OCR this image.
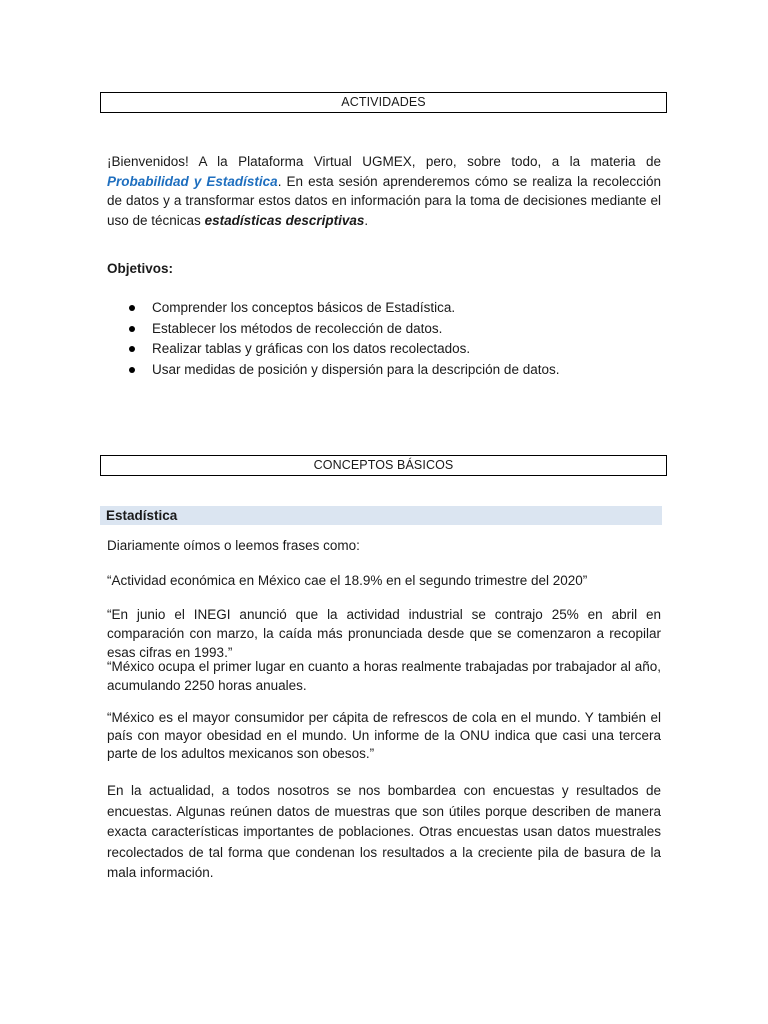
ACTIVIDADES

¡Bienvenidos! A la Plataforma Virtual UGMEX, pero, sobre todo, a la materia de Probabilidad y Estadística. En esta sesión aprenderemos cómo se realiza la recolección de datos y a transformar estos datos en información para la toma de decisiones mediante el uso de técnicas estadísticas descriptivas.

Objetivos:
Comprender los conceptos básicos de Estadística.
Establecer los métodos de recolección de datos.
Realizar tablas y gráficas con los datos recolectados.
Usar medidas de posición y dispersión para la descripción de datos.
CONCEPTOS BÁSICOS
Estadística

Diariamente oímos o leemos frases como:

“Actividad económica en México cae el 18.9% en el segundo trimestre del 2020”

“En junio el INEGI anunció que la actividad industrial se contrajo 25% en abril en comparación con marzo, la caída más pronunciada desde que se comenzaron a recopilar esas cifras en 1993.”

“México ocupa el primer lugar en cuanto a horas realmente trabajadas por trabajador al año, acumulando 2250 horas anuales.

“México es el mayor consumidor per cápita de refrescos de cola en el mundo. Y también el país con mayor obesidad en el mundo. Un informe de la ONU indica que casi una tercera parte de los adultos mexicanos son obesos.”

En la actualidad, a todos nosotros se nos bombardea con encuestas y resultados de encuestas. Algunas reúnen datos de muestras que son útiles porque describen de manera exacta características importantes de poblaciones. Otras encuestas usan datos muestrales recolectados de tal forma que condenan los resultados a la creciente pila de basura de la mala información.
